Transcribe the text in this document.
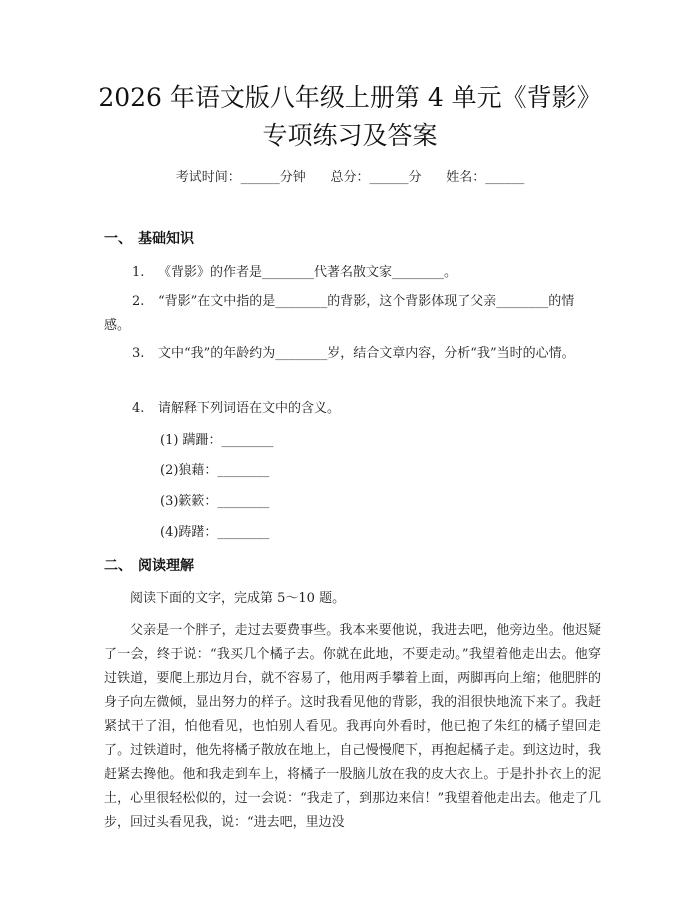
2026 年语文版八年级上册第 4 单元《背影》
专项练习及答案
考试时间：______分钟      总分：______分      姓名：______
一、 基础知识

1. 《背影》的作者是________代著名散文家________。

2. “背影”在文中指的是________的背影，这个背影体现了父亲________的情感。

3. 文中“我”的年龄约为________岁，结合文章内容，分析“我”当时的心情。

4. 请解释下列词语在文中的含义。

(1) 蹒跚：________

(2)狼藉：________

(3)簌簌：________

(4)踌躇：________

二、 阅读理解

阅读下面的文字，完成第 5～10 题。

父亲是一个胖子，走过去要费事些。我本来要他说，我进去吧，他旁边坐。他迟疑了一会，终于说：“我买几个橘子去。你就在此地，不要走动。”我望着他走出去。他穿过铁道，要爬上那边月台，就不容易了，他用两手攀着上面，两脚再向上缩；他肥胖的身子向左微倾，显出努力的样子。这时我看见他的背影，我的泪很快地流下来了。我赶紧拭干了泪，怕他看见，也怕别人看见。我再向外看时，他已抱了朱红的橘子望回走了。过铁道时，他先将橘子散放在地上，自己慢慢爬下，再抱起橘子走。到这边时，我赶紧去搀他。他和我走到车上，将橘子一股脑儿放在我的皮大衣上。于是扑扑衣上的泥土，心里很轻松似的，过一会说：“我走了，到那边来信！”我望着他走出去。他走了几步，回过头看见我，说：“进去吧，里边没
